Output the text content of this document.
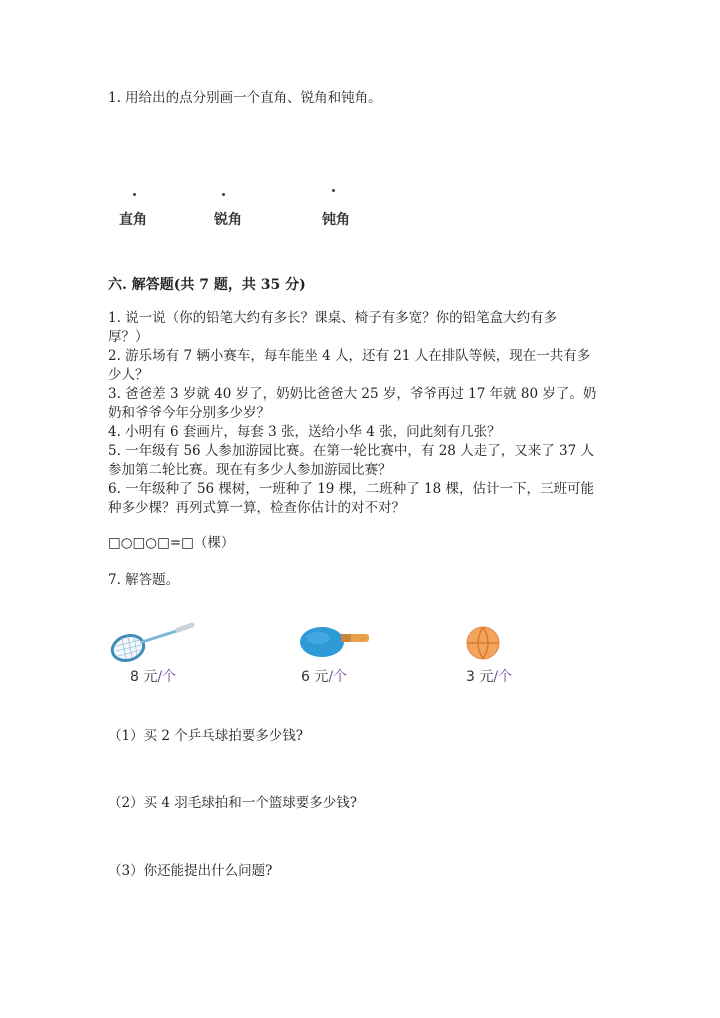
1. 用给出的点分别画一个直角、锐角和钝角。
直角	锐角	钝角
六. 解答题(共 7 题，共 35 分)
1. 说一说（你的铅笔大约有多长？课桌、椅子有多宽？你的铅笔盒大约有多
厚？）
2. 游乐场有 7 辆小赛车，每车能坐 4 人，还有 21 人在排队等候，现在一共有多
少人？
3. 爸爸差 3 岁就 40 岁了，奶奶比爸爸大 25 岁，爷爷再过 17 年就 80 岁了。奶
奶和爷爷今年分别多少岁？
4. 小明有 6 套画片，每套 3 张，送给小华 4 张，问此刻有几张？
5. 一年级有 56 人参加游园比赛。在第一轮比赛中，有 28 人走了，又来了 37 人
参加第二轮比赛。现在有多少人参加游园比赛？
6. 一年级种了 56 棵树，一班种了 19 棵，二班种了 18 棵，估计一下，三班可能
种多少棵？再列式算一算，检查你估计的对不对？
□○□○□=□（棵）
7. 解答题。
8 元/个	6 元/个	3 元/个
（1）买 2 个乒乓球拍要多少钱?
（2）买 4 羽毛球拍和一个篮球要多少钱?
（3）你还能提出什么问题?
